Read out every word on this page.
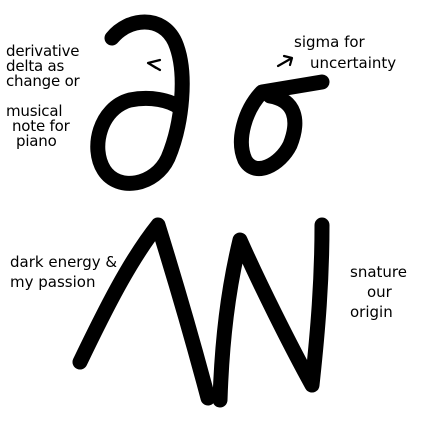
derivative
delta as
change or

musical
note for
piano
sigma for
uncertainty
dark energy &
my passion
snature
our
origin
